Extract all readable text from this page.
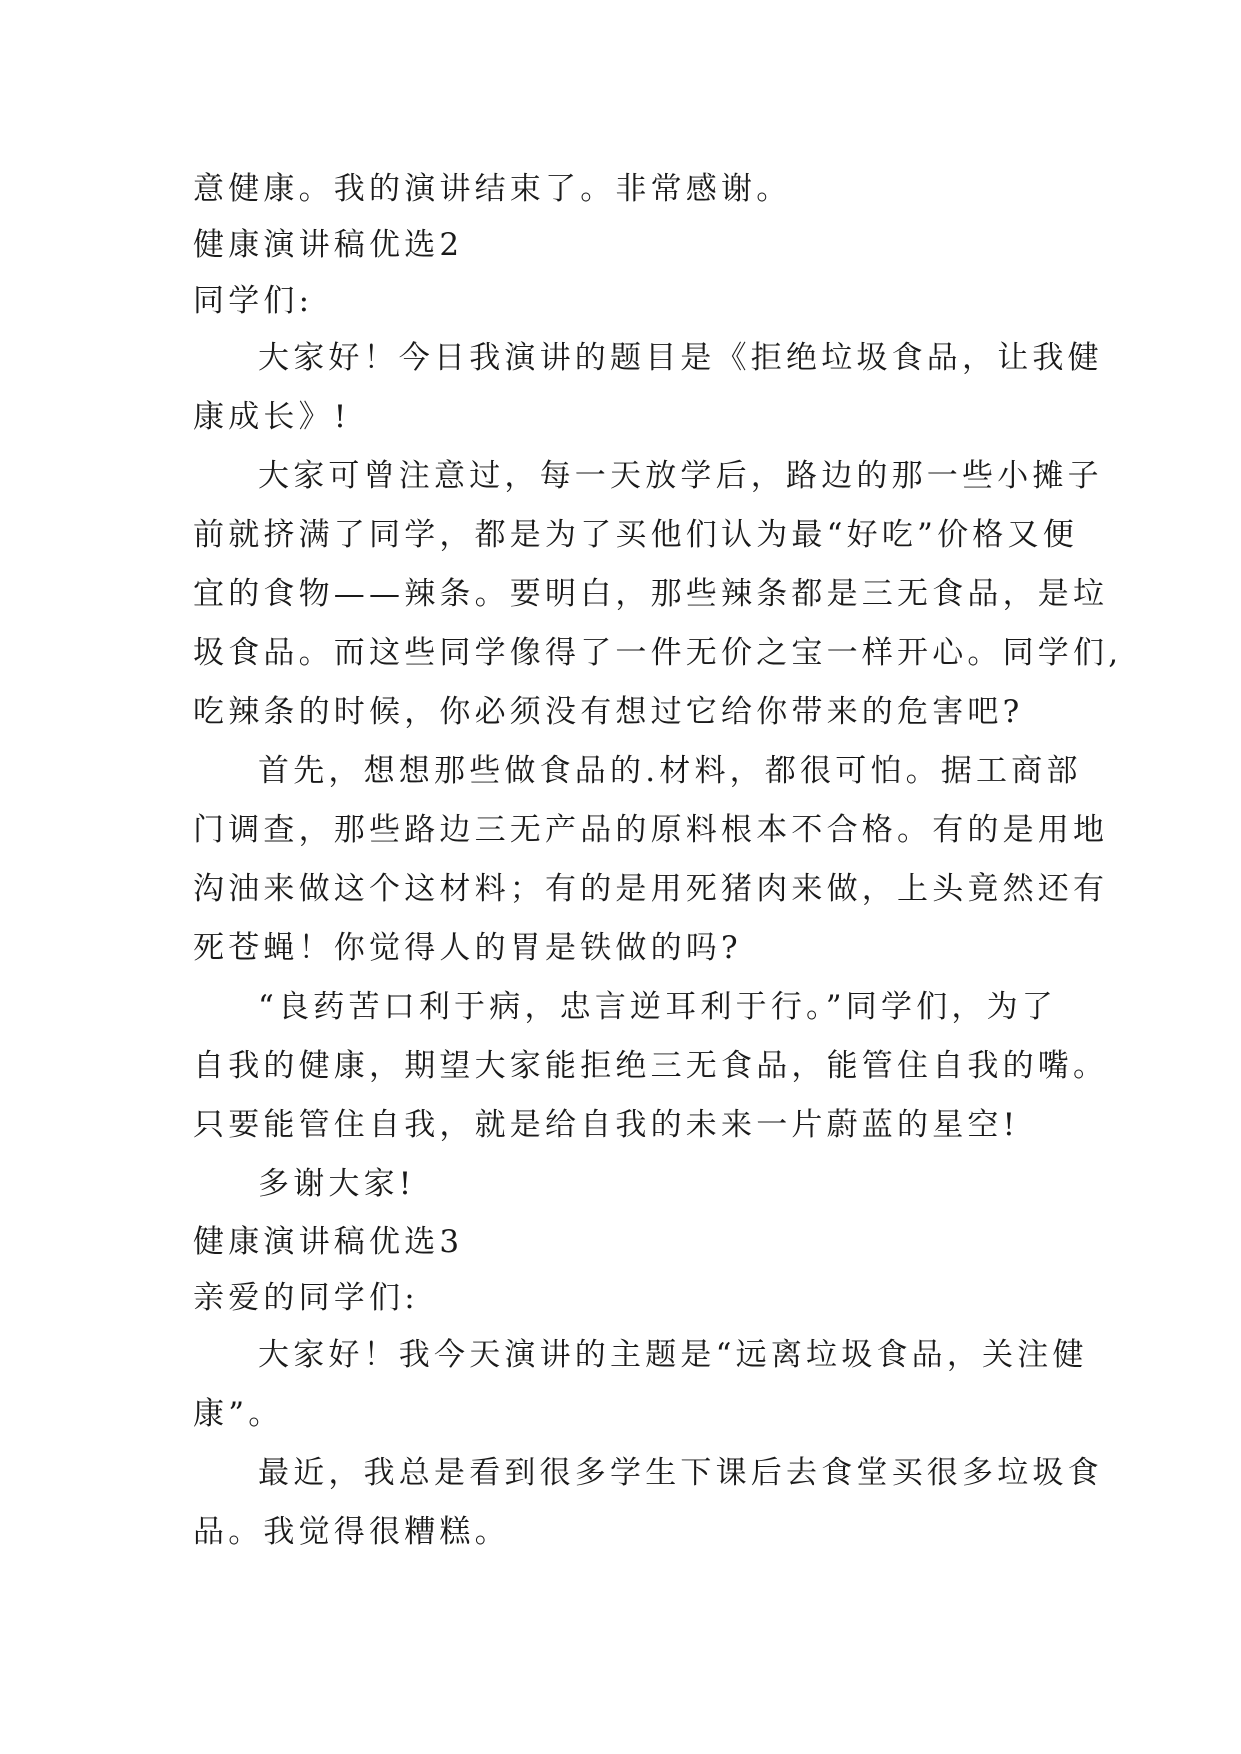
意健康。我的演讲结束了。非常感谢。
健康演讲稿优选2
同学们:
大家好！今日我演讲的题目是《拒绝垃圾食品，让我健
康成长》!
大家可曾注意过，每一天放学后，路边的那一些小摊子
前就挤满了同学，都是为了买他们认为最“好吃”价格又便
宜的食物——辣条。要明白，那些辣条都是三无食品，是垃
圾食品。而这些同学像得了一件无价之宝一样开心。同学们,
吃辣条的时候，你必须没有想过它给你带来的危害吧?
首先，想想那些做食品的.材料，都很可怕。据工商部
门调查，那些路边三无产品的原料根本不合格。有的是用地
沟油来做这个这材料；有的是用死猪肉来做，上头竟然还有
死苍蝇！你觉得人的胃是铁做的吗?
“良药苦口利于病，忠言逆耳利于行。”同学们，为了
自我的健康，期望大家能拒绝三无食品，能管住自我的嘴。
只要能管住自我，就是给自我的未来一片蔚蓝的星空!
多谢大家!
健康演讲稿优选3
亲爱的同学们:
大家好！我今天演讲的主题是“远离垃圾食品，关注健
康”。
最近，我总是看到很多学生下课后去食堂买很多垃圾食
品。我觉得很糟糕。
